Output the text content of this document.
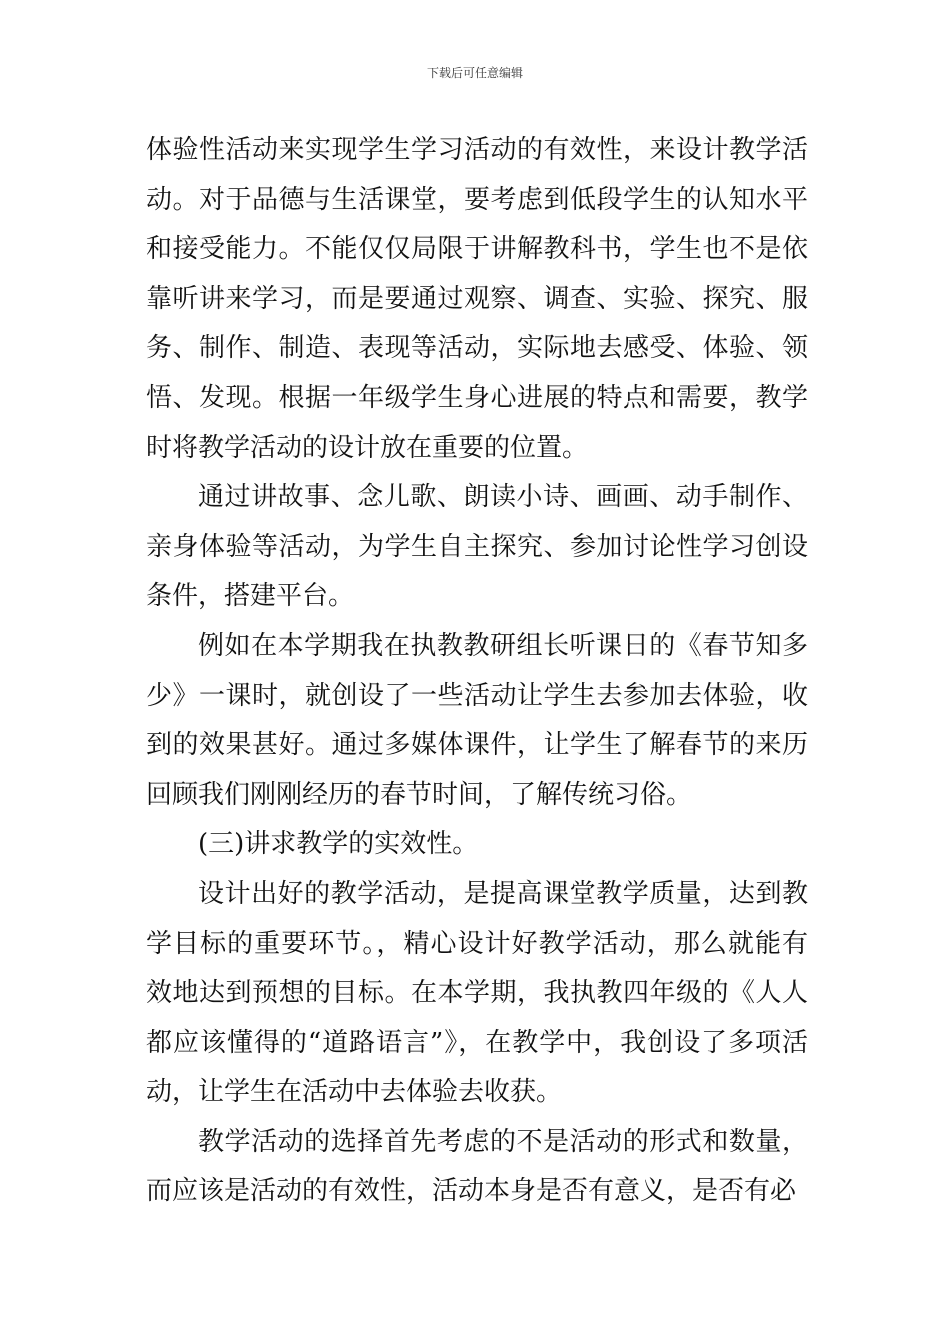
下载后可任意编辑

体验性活动来实现学生学习活动的有效性，来设计教学活动。对于品德与生活课堂，要考虑到低段学生的认知水平和接受能力。不能仅仅局限于讲解教科书，学生也不是依靠听讲来学习，而是要通过观察、调查、实验、探究、服务、制作、制造、表现等活动，实际地去感受、体验、领悟、发现。根据一年级学生身心进展的特点和需要，教学时将教学活动的设计放在重要的位置。

通过讲故事、念儿歌、朗读小诗、画画、动手制作、亲身体验等活动，为学生自主探究、参加讨论性学习创设条件，搭建平台。

例如在本学期我在执教教研组长听课日的《春节知多少》一课时，就创设了一些活动让学生去参加去体验，收到的效果甚好。通过多媒体课件，让学生了解春节的来历回顾我们刚刚经历的春节时间，了解传统习俗。

(三)讲求教学的实效性。

设计出好的教学活动，是提高课堂教学质量，达到教学目标的重要环节。，精心设计好教学活动，那么就能有效地达到预想的目标。在本学期，我执教四年级的《人人都应该懂得的“道路语言”》，在教学中，我创设了多项活动，让学生在活动中去体验去收获。

教学活动的选择首先考虑的不是活动的形式和数量，而应该是活动的有效性，活动本身是否有意义，是否有必
